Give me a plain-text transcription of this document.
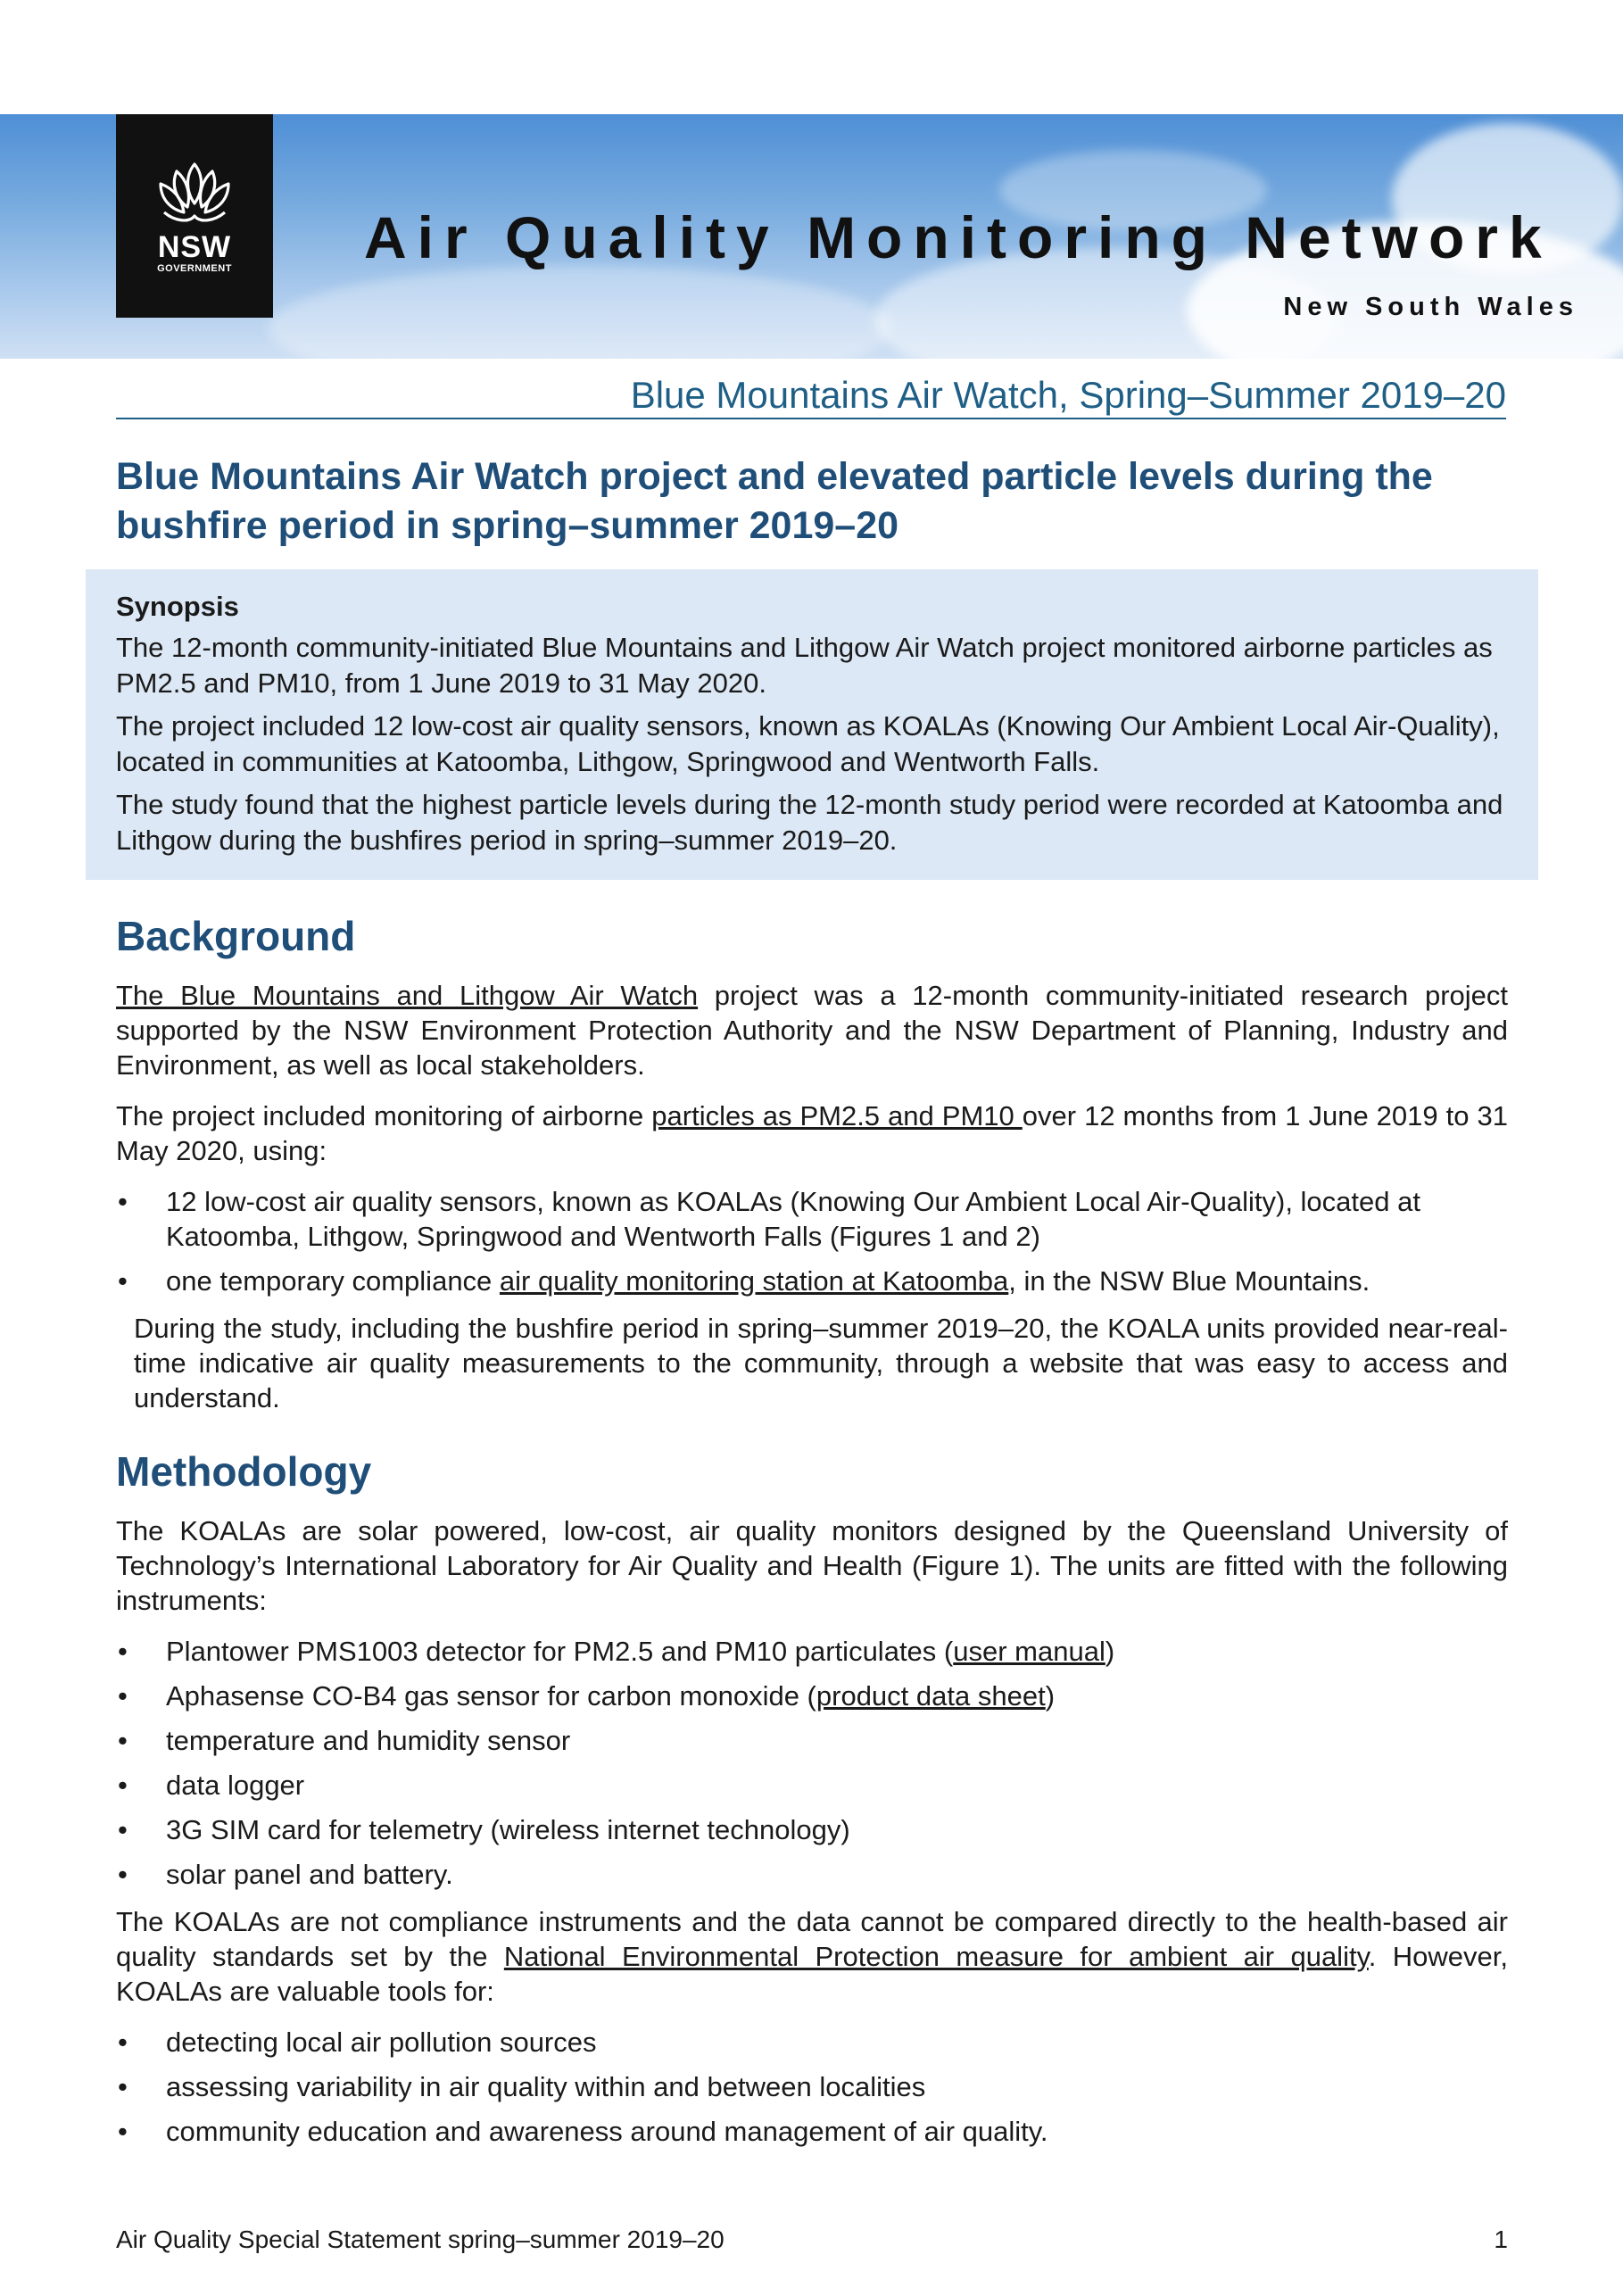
NSW
GOVERNMENT Air Quality Monitoring Network
New South Wales
Blue Mountains Air Watch, Spring–Summer 2019–20
Blue Mountains Air Watch project and elevated particle levels during the bushfire period in spring–summer 2019–20
Synopsis

The 12-month community-initiated Blue Mountains and Lithgow Air Watch project monitored airborne particles as PM2.5 and PM10, from 1 June 2019 to 31 May 2020.

The project included 12 low-cost air quality sensors, known as KOALAs (Knowing Our Ambient Local Air-Quality), located in communities at Katoomba, Lithgow, Springwood and Wentworth Falls.

The study found that the highest particle levels during the 12-month study period were recorded at Katoomba and Lithgow during the bushfires period in spring–summer 2019–20.

Background

The Blue Mountains and Lithgow Air Watch project was a 12-month community-initiated research project supported by the NSW Environment Protection Authority and the NSW Department of Planning, Industry and Environment, as well as local stakeholders.

The project included monitoring of airborne particles as PM2.5 and PM10 over 12 months from 1 June 2019 to 31 May 2020, using:

• 12 low-cost air quality sensors, known as KOALAs (Knowing Our Ambient Local Air-Quality), located at Katoomba, Lithgow, Springwood and Wentworth Falls (Figures 1 and 2)
• one temporary compliance air quality monitoring station at Katoomba, in the NSW Blue Mountains.

During the study, including the bushfire period in spring–summer 2019–20, the KOALA units provided near-real-time indicative air quality measurements to the community, through a website that was easy to access and understand.

Methodology

The KOALAs are solar powered, low-cost, air quality monitors designed by the Queensland University of Technology’s International Laboratory for Air Quality and Health (Figure 1). The units are fitted with the following instruments:

• Plantower PMS1003 detector for PM2.5 and PM10 particulates (user manual)
• Aphasense CO-B4 gas sensor for carbon monoxide (product data sheet)
• temperature and humidity sensor
• data logger
• 3G SIM card for telemetry (wireless internet technology)
• solar panel and battery.

The KOALAs are not compliance instruments and the data cannot be compared directly to the health-based air quality standards set by the National Environmental Protection measure for ambient air quality. However, KOALAs are valuable tools for:

• detecting local air pollution sources
• assessing variability in air quality within and between localities
• community education and awareness around management of air quality.
Air Quality Special Statement spring–summer 2019–20	1
